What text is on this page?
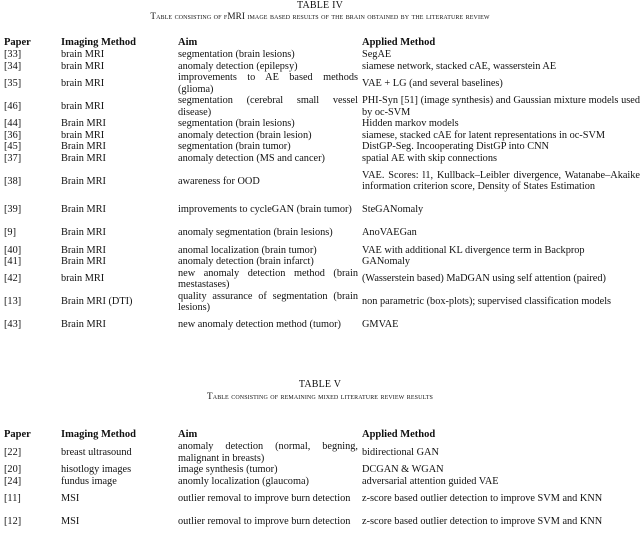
TABLE IV
Table consisting of fMRI image based results of the brain obtained by the literature review
Paper	Imaging Method	Aim	Applied Method
[33]	brain MRI	segmentation (brain lesions)	SegAE
[34]	brain MRI	anomaly detection (epilepsy)	siamese network, stacked cAE, wasserstein AE
[35]	brain MRI	improvements to AE based methods (glioma)	VAE + LG (and several baselines)
[46]	brain MRI	segmentation (cerebral small vessel disease)	PHI-Syn [51] (image synthesis) and Gaussian mixture models used by oc-SVM
[44]	Brain MRI	segmentation (brain lesions)	Hidden markov models
[36]	brain MRI	anomaly detection (brain lesion)	siamese, stacked cAE for latent representations in oc-SVM
[45]	Brain MRI	segmentation (brain tumor)	DistGP-Seg. Incooperating DistGP into CNN
[37]	Brain MRI	anomaly detection (MS and cancer)	spatial AE with skip connections
[38]	Brain MRI	awareness for OOD	VAE. Scores: l1, Kullback–Leibler divergence, Watanabe–Akaike information criterion score, Density of States Estimation
[39]	Brain MRI	improvements to cycleGAN (brain tumor)	SteGANomaly
[9]	Brain MRI	anomaly segmentation (brain lesions)	AnoVAEGan
[40]	Brain MRI	anomal localization (brain tumor)	VAE with additional KL divergence term in Backprop
[41]	Brain MRI	anomaly detection (brain infarct)	GANomaly
[42]	brain MRI	new anomaly detection method (brain mestastases)	(Wasserstein based) MaDGAN using self attention (paired)
[13]	Brain MRI (DTI)	quality assurance of segmentation (brain lesions)	non parametric (box-plots); supervised classification models
[43]	Brain MRI	new anomaly detection method (tumor)	GMVAE
TABLE V
Table consisting of remaining mixed literature review results
Paper	Imaging Method	Aim	Applied Method
[22]	breast ultrasound	anomaly detection (normal, begning, malignant in breasts)	bidirectional GAN
[20]	hisotlogy images	image synthesis (tumor)	DCGAN & WGAN
[24]	fundus image	anomly localization (glaucoma)	adversarial attention guided VAE
[11]	MSI	outlier removal to improve burn detection	z-score based outlier detection to improve SVM and KNN
[12]	MSI	outlier removal to improve burn detection	z-score based outlier detection to improve SVM and KNN
